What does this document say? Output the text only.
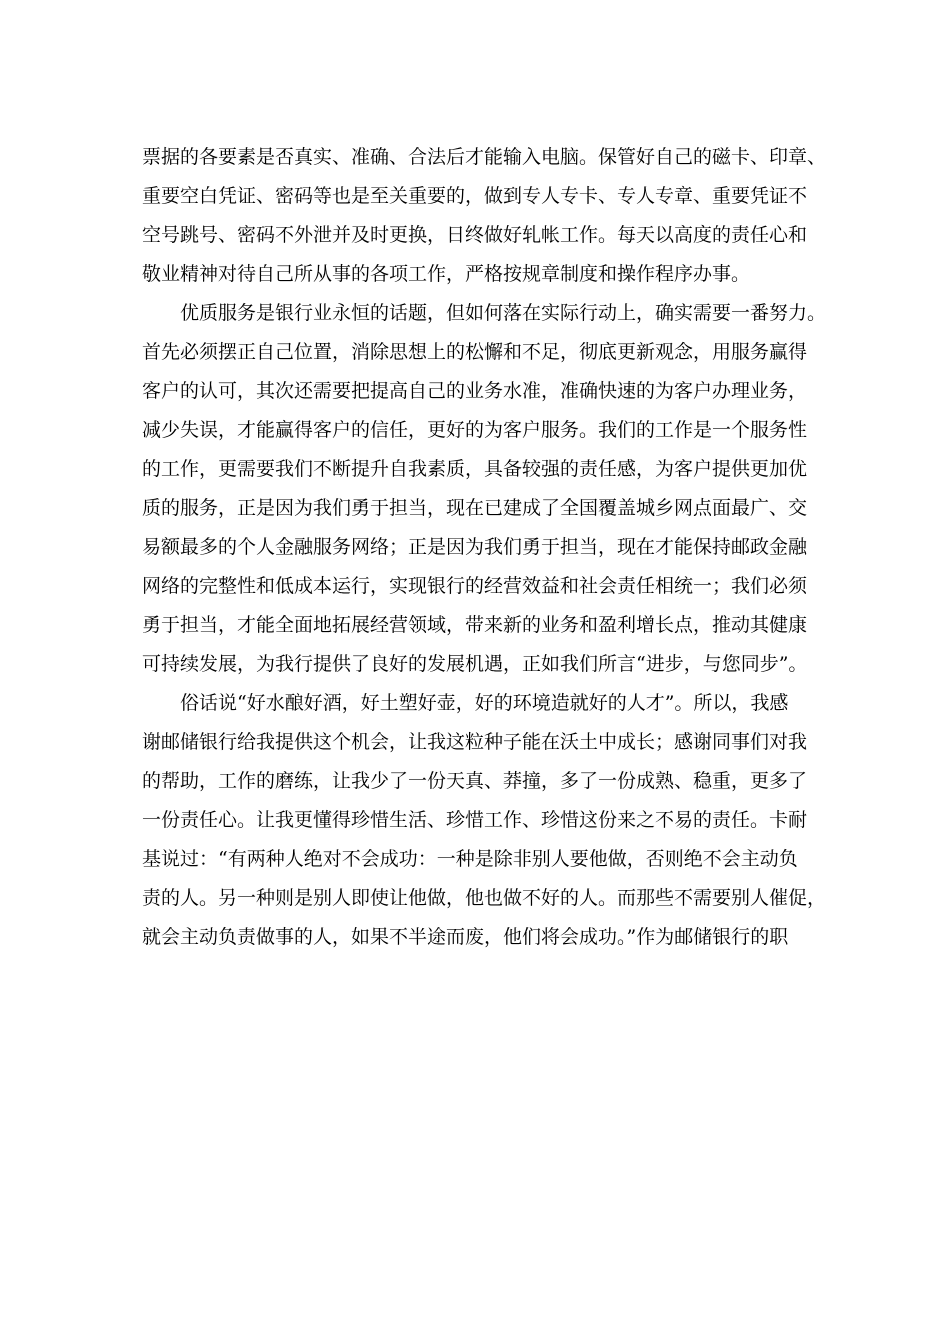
票据的各要素是否真实、准确、合法后才能输入电脑。保管好自己的磁卡、印章、
重要空白凭证、密码等也是至关重要的，做到专人专卡、专人专章、重要凭证不
空号跳号、密码不外泄并及时更换，日终做好轧帐工作。每天以高度的责任心和
敬业精神对待自己所从事的各项工作，严格按规章制度和操作程序办事。
优质服务是银行业永恒的话题，但如何落在实际行动上，确实需要一番努力。
首先必须摆正自己位置，消除思想上的松懈和不足，彻底更新观念，用服务赢得
客户的认可，其次还需要把提高自己的业务水准，准确快速的为客户办理业务，
减少失误，才能赢得客户的信任，更好的为客户服务。我们的工作是一个服务性
的工作，更需要我们不断提升自我素质，具备较强的责任感，为客户提供更加优
质的服务，正是因为我们勇于担当，现在已建成了全国覆盖城乡网点面最广、交
易额最多的个人金融服务网络；正是因为我们勇于担当，现在才能保持邮政金融
网络的完整性和低成本运行，实现银行的经营效益和社会责任相统一；我们必须
勇于担当，才能全面地拓展经营领域，带来新的业务和盈利增长点，推动其健康
可持续发展，为我行提供了良好的发展机遇，正如我们所言“进步，与您同步”。
俗话说“好水酿好酒，好土塑好壶，好的环境造就好的人才”。所以，我感
谢邮储银行给我提供这个机会，让我这粒种子能在沃土中成长；感谢同事们对我
的帮助，工作的磨练，让我少了一份天真、莽撞，多了一份成熟、稳重，更多了
一份责任心。让我更懂得珍惜生活、珍惜工作、珍惜这份来之不易的责任。卡耐
基说过：“有两种人绝对不会成功：一种是除非别人要他做，否则绝不会主动负
责的人。另一种则是别人即使让他做，他也做不好的人。而那些不需要别人催促，
就会主动负责做事的人，如果不半途而废，他们将会成功。”作为邮储银行的职
